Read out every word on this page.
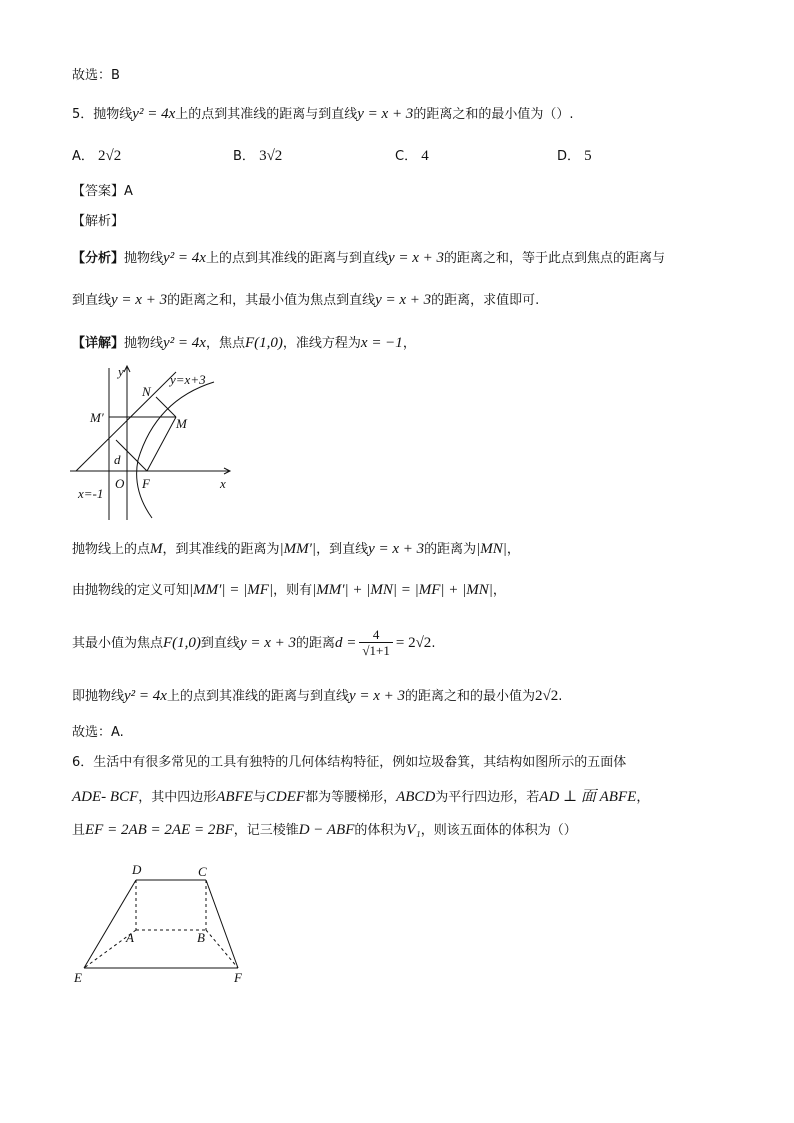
故选：B
5．抛物线y² = 4x上的点到其准线的距离与到直线y = x + 3的距离之和的最小值为（）.
A． 2√2	B． 3√2	C． 4	D． 5
【答案】A
【解析】
【分析】抛物线y² = 4x上的点到其准线的距离与到直线y = x + 3的距离之和，等于此点到焦点的距离与
到直线y = x + 3的距离之和，其最小值为焦点到直线y = x + 3的距离，求值即可.
【详解】抛物线y² = 4x，焦点F(1,0)，准线方程为x = −1，
y
y=x+3
N
M′	M
d
O F	x
x=-1
抛物线上的点M，到其准线的距离为|MM′|，到直线y = x + 3的距离为|MN|，
由抛物线的定义可知|MM′| = |MF|，则有|MM′| + |MN| = |MF| + |MN|，
其最小值为焦点F(1,0)到直线y = x + 3的距离$d = \frac{4}{√1+1} = 2√2$.
即抛物线y² = 4x上的点到其准线的距离与到直线y = x + 3的距离之和的最小值为2√2.
故选：A.
6．生活中有很多常见的工具有独特的几何体结构特征，例如垃圾畚箕，其结构如图所示的五面体
ADE- BCF，其中四边形ABFE与CDEF都为等腰梯形，ABCD为平行四边形，若AD ⊥ 面 ABFE，
且EF = 2AB = 2AE = 2BF，记三棱锥D − ABF的体积为V₁，则该五面体的体积为（）
D	C
A	B
E	F
